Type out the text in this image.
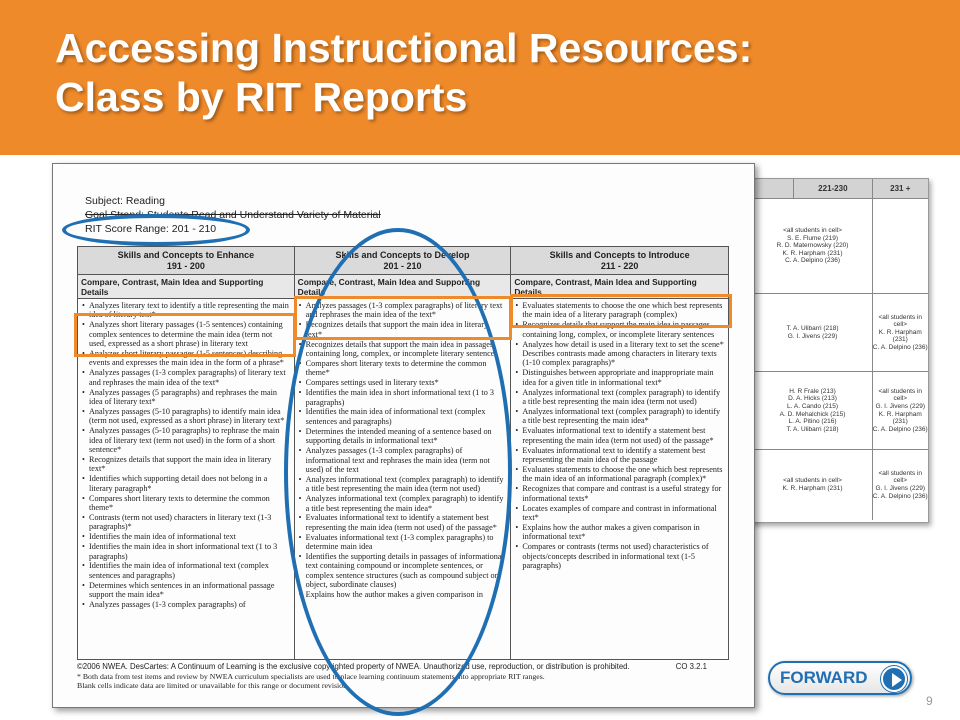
Accessing Instructional Resources:
Class by RIT Reports
221-230	231 +
<all students in cell>
S. E. Flume (219)
R. D. Maternowsky (220)
K. R. Harpham (231)
C. A. Delpino (236)
T. A. Ulibarri (218)
G. I. Jivens (229)
<all students in cell>
K. R. Harpham (231)
C. A. Delpino (236)
H. R Frale (213)
D. A. Hicks (213)
L. A. Cando (215)
A. D. Mehalchick (215)
L. A. Pitino (216)
T. A. Ulibarri (218)
<all students in cell>
G. I. Jivens (229)
K. R. Harpham (231)
C. A. Delpino (236)
<all students in cell>
K. R. Harpham (231)
<all students in cell>
G. I. Jivens (229)
C. A. Delpino (236)
Subject: Reading
Goal Strand: Students Read and Understand Variety of Material
RIT Score Range: 201 - 210
Skills and Concepts to Enhance
191 - 200
Compare, Contrast, Main Idea and Supporting Details
• Analyzes literary text to identify a title representing the main idea of literary text*
• Analyzes short literary passages (1-5 sentences) containing complex sentences to determine the main idea (term not used, expressed as a short phrase) in literary text
• Analyzes short literary passages (1-5 sentences) describing events and expresses the main idea in the form of a phrase*
• Analyzes passages (1-3 complex paragraphs) of literary text and rephrases the main idea of the text*
• Analyzes passages (5 paragraphs) and rephrases the main idea of literary text*
• Analyzes passages (5-10 paragraphs) to identify main idea (term not used, expressed as a short phrase) in literary text*
• Analyzes passages (5-10 paragraphs) to rephrase the main idea of literary text (term not used) in the form of a short sentence*
• Recognizes details that support the main idea in literary text*
• Identifies which supporting detail does not belong in a literary paragraph*
• Compares short literary texts to determine the common theme*
• Contrasts (term not used) characters in literary text (1-3 paragraphs)*
• Identifies the main idea of informational text
• Identifies the main idea in short informational text (1 to 3 paragraphs)
• Identifies the main idea of informational text (complex sentences and paragraphs)
• Determines which sentences in an informational passage support the main idea*
• Analyzes passages (1-3 complex paragraphs) of
Skills and Concepts to Develop
201 - 210
Compare, Contrast, Main Idea and Supporting Details
• Analyzes passages (1-3 complex paragraphs) of literary text and rephrases the main idea of the text*
• Recognizes details that support the main idea in literary text*
• Recognizes details that support the main idea in passages containing long, complex, or incomplete literary sentences
• Compares short literary texts to determine the common theme*
• Compares settings used in literary texts*
• Identifies the main idea in short informational text (1 to 3 paragraphs)
• Identifies the main idea of informational text (complex sentences and paragraphs)
• Determines the intended meaning of a sentence based on supporting details in informational text*
• Analyzes passages (1-3 complex paragraphs) of informational text and rephrases the main idea (term not used) of the text
• Analyzes informational text (complex paragraph) to identify a title best representing the main idea (term not used)
• Analyzes informational text (complex paragraph) to identify a title best representing the main idea*
• Evaluates informational text to identify a statement best representing the main idea (term not used) of the passage*
• Evaluates informational text (1-3 complex paragraphs) to determine main idea
• Identifies the supporting details in passages of informational text containing compound or incomplete sentences, or complex sentence structures (such as compound subject or object, subordinate clauses)
• Explains how the author makes a given comparison in
Skills and Concepts to Introduce
211 - 220
Compare, Contrast, Main Idea and Supporting Details
• Evaluates statements to choose the one which best represents the main idea of a literary paragraph (complex)
• Recognizes details that support the main idea in passages containing long, complex, or incomplete literary sentences
• Analyzes how detail is used in a literary text to set the scene* Describes contrasts made among characters in literary texts (1-10 complex paragraphs)*
• Distinguishes between appropriate and inappropriate main idea for a given title in informational text*
• Analyzes informational text (complex paragraph) to identify a title best representing the main idea (term not used)
• Analyzes informational text (complex paragraph) to identify a title best representing the main idea*
• Evaluates informational text to identify a statement best representing the main idea (term not used) of the passage*
• Evaluates informational text to identify a statement best representing the main idea of the passage
• Evaluates statements to choose the one which best represents the main idea of an informational paragraph (complex)*
• Recognizes that compare and contrast is a useful strategy for informational texts*
• Locates examples of compare and contrast in informational text*
• Explains how the author makes a given comparison in informational text*
• Compares or contrasts (terms not used) characteristics of objects/concepts described in informational text (1-5 paragraphs)
©2006 NWEA. DesCartes: A Continuum of Learning is the exclusive copyrighted property of NWEA. Unauthorized use, reproduction, or distribution is prohibited.
* Both data from test items and review by NWEA curriculum specialists are used to place learning continuum statements into appropriate RIT ranges.
Blank cells indicate data are limited or unavailable for this range or document revision.
CO 3.2.1
FORWARD
9
